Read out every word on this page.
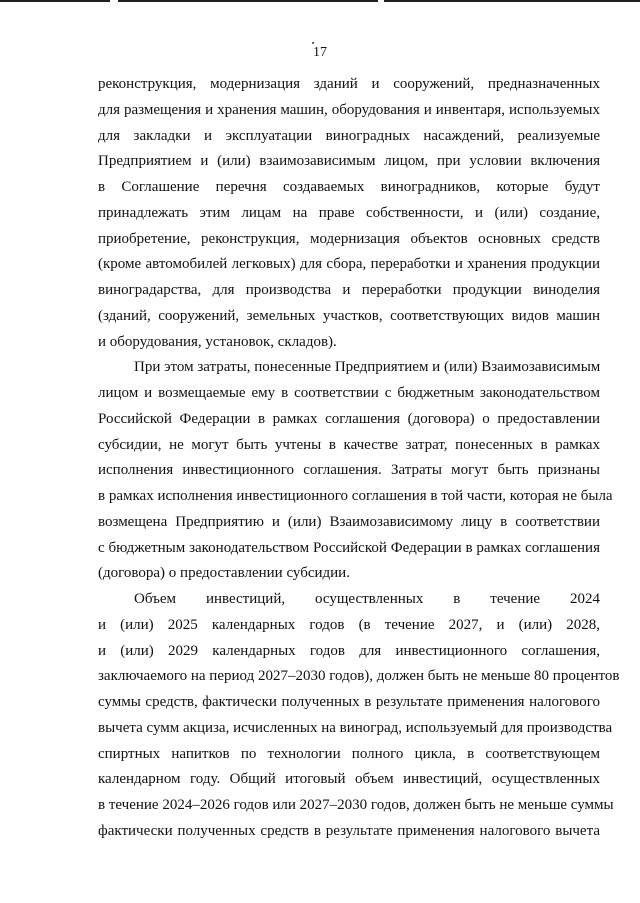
17

реконструкция, модернизация зданий и сооружений, предназначенных
для размещения и хранения машин, оборудования и инвентаря, используемых
для закладки и эксплуатации виноградных насаждений, реализуемые
Предприятием и (или) взаимозависимым лицом, при условии включения
в Соглашение перечня создаваемых виноградников, которые будут
принадлежать этим лицам на праве собственности, и (или) создание,
приобретение, реконструкция, модернизация объектов основных средств
(кроме автомобилей легковых) для сбора, переработки и хранения продукции
виноградарства, для производства и переработки продукции виноделия
(зданий, сооружений, земельных участков, соответствующих видов машин
и оборудования, установок, складов).

При этом затраты, понесенные Предприятием и (или) Взаимозависимым
лицом и возмещаемые ему в соответствии с бюджетным законодательством
Российской Федерации в рамках соглашения (договора) о предоставлении
субсидии, не могут быть учтены в качестве затрат, понесенных в рамках
исполнения инвестиционного соглашения. Затраты могут быть признаны
в рамках исполнения инвестиционного соглашения в той части, которая не была
возмещена Предприятию и (или) Взаимозависимому лицу в соответствии
с бюджетным законодательством Российской Федерации в рамках соглашения
(договора) о предоставлении субсидии.

Объем инвестиций, осуществленных в течение 2024
и (или) 2025 календарных годов (в течение 2027, и (или) 2028,
и (или) 2029 календарных годов для инвестиционного соглашения,
заключаемого на период 2027–2030 годов), должен быть не меньше 80 процентов
суммы средств, фактически полученных в результате применения налогового
вычета сумм акциза, исчисленных на виноград, используемый для производства
спиртных напитков по технологии полного цикла, в соответствующем
календарном году. Общий итоговый объем инвестиций, осуществленных
в течение 2024–2026 годов или 2027–2030 годов, должен быть не меньше суммы
фактически полученных средств в результате применения налогового вычета
